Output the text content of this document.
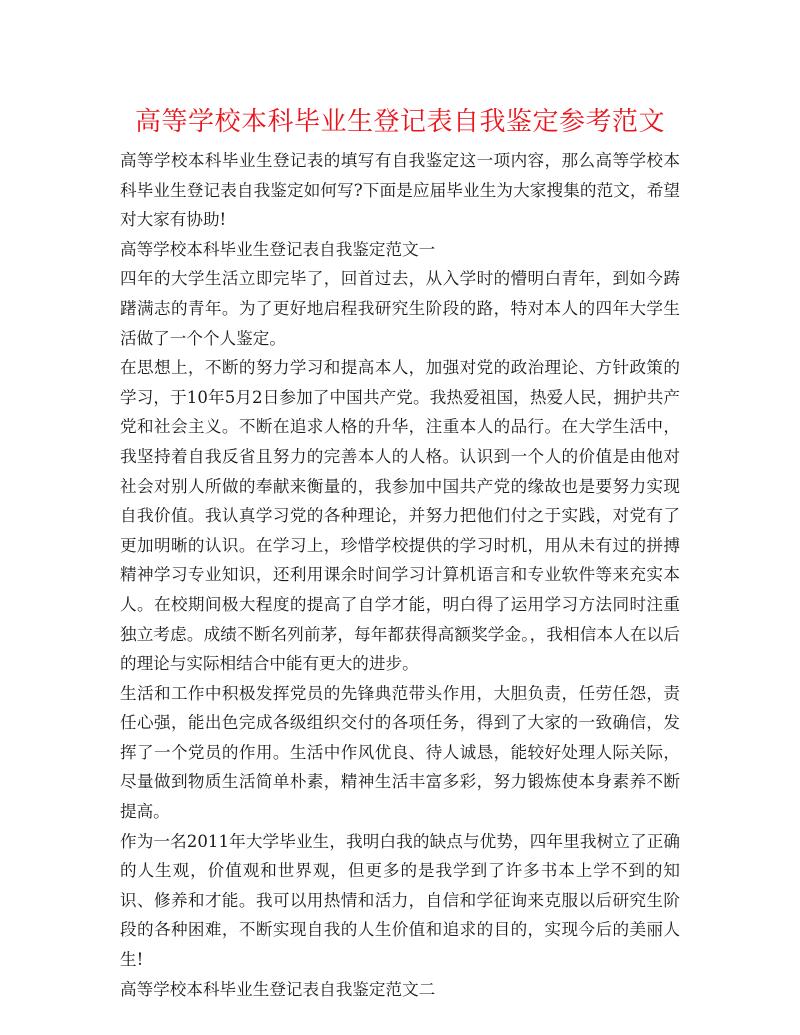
高等学校本科毕业生登记表自我鉴定参考范文

高等学校本科毕业生登记表的填写有自我鉴定这一项内容，那么高等学校本科毕业生登记表自我鉴定如何写?下面是应届毕业生为大家搜集的范文，希望对大家有协助!

高等学校本科毕业生登记表自我鉴定范文一

四年的大学生活立即完毕了，回首过去，从入学时的懵明白青年，到如今踌躇满志的青年。为了更好地启程我研究生阶段的路，特对本人的四年大学生活做了一个个人鉴定。

在思想上，不断的努力学习和提高本人，加强对党的政治理论、方针政策的学习，于10年5月2日参加了中国共产党。我热爱祖国，热爱人民，拥护共产党和社会主义。不断在追求人格的升华，注重本人的品行。在大学生活中，我坚持着自我反省且努力的完善本人的人格。认识到一个人的价值是由他对社会对别人所做的奉献来衡量的，我参加中国共产党的缘故也是要努力实现自我价值。我认真学习党的各种理论，并努力把他们付之于实践，对党有了更加明晰的认识。在学习上，珍惜学校提供的学习时机，用从未有过的拼搏精神学习专业知识，还利用课余时间学习计算机语言和专业软件等来充实本人。在校期间极大程度的提高了自学才能，明白得了运用学习方法同时注重独立考虑。成绩不断名列前茅，每年都获得高额奖学金。，我相信本人在以后的理论与实际相结合中能有更大的进步。

生活和工作中积极发挥党员的先锋典范带头作用，大胆负责，任劳任怨，责任心强，能出色完成各级组织交付的各项任务，得到了大家的一致确信，发挥了一个党员的作用。生活中作风优良、待人诚恳，能较好处理人际关际，尽量做到物质生活简单朴素，精神生活丰富多彩，努力锻炼使本身素养不断提高。

作为一名2011年大学毕业生，我明白我的缺点与优势，四年里我树立了正确的人生观，价值观和世界观，但更多的是我学到了许多书本上学不到的知识、修养和才能。我可以用热情和活力，自信和学征询来克服以后研究生阶段的各种困难，不断实现自我的人生价值和追求的目的，实现今后的美丽人生!

高等学校本科毕业生登记表自我鉴定范文二
